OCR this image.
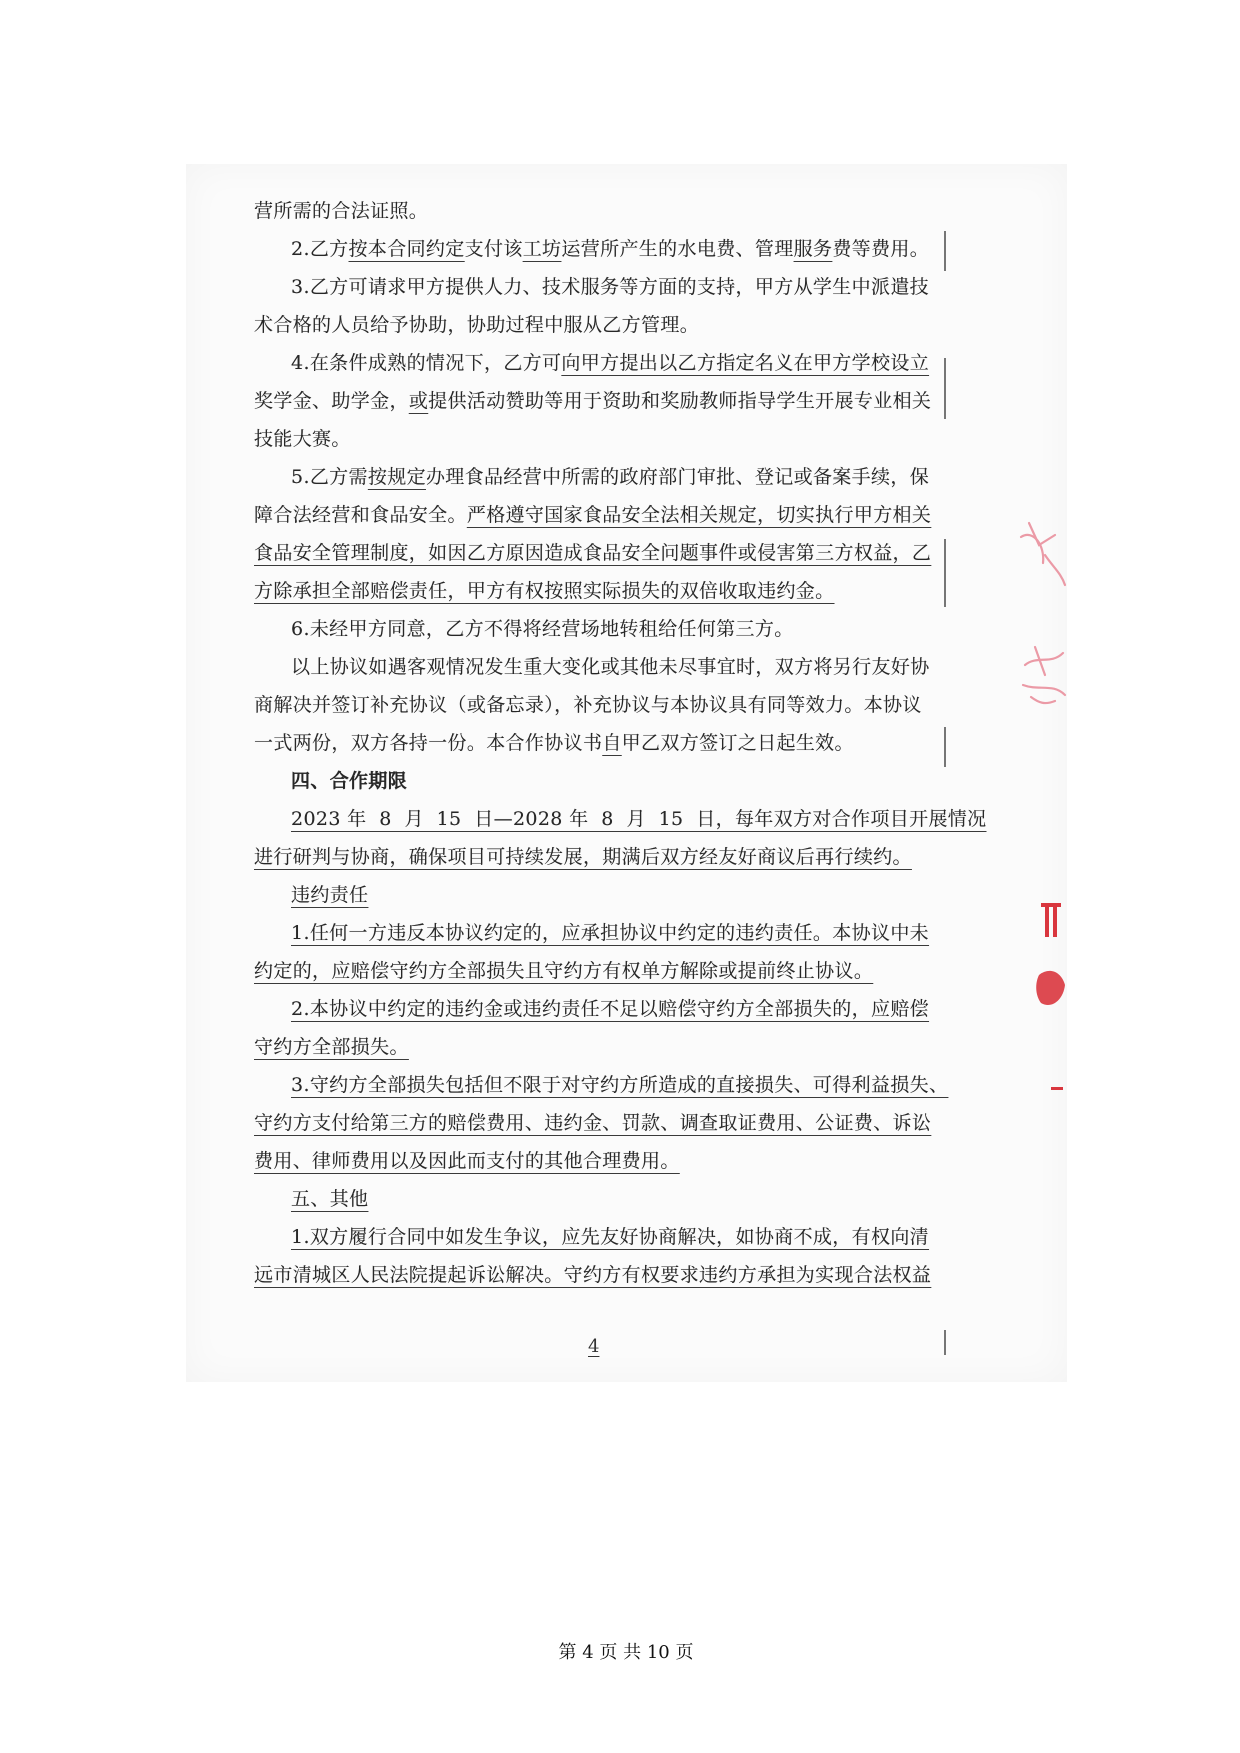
营所需的合法证照。
2.乙方按本合同约定支付该工坊运营所产生的水电费、管理服务费等费用。
3.乙方可请求甲方提供人力、技术服务等方面的支持，甲方从学生中派遣技
术合格的人员给予协助，协助过程中服从乙方管理。
4.在条件成熟的情况下，乙方可向甲方提出以乙方指定名义在甲方学校设立
奖学金、助学金，或提供活动赞助等用于资助和奖励教师指导学生开展专业相关
技能大赛。
5.乙方需按规定办理食品经营中所需的政府部门审批、登记或备案手续，保
障合法经营和食品安全。严格遵守国家食品安全法相关规定，切实执行甲方相关
食品安全管理制度，如因乙方原因造成食品安全问题事件或侵害第三方权益，乙
方除承担全部赔偿责任，甲方有权按照实际损失的双倍收取违约金。
6.未经甲方同意，乙方不得将经营场地转租给任何第三方。
以上协议如遇客观情况发生重大变化或其他未尽事宜时，双方将另行友好协
商解决并签订补充协议（或备忘录），补充协议与本协议具有同等效力。本协议
一式两份，双方各持一份。本合作协议书自甲乙双方签订之日起生效。
四、合作期限
2023 年  8  月  15  日—2028 年  8  月  15  日，每年双方对合作项目开展情况
进行研判与协商，确保项目可持续发展，期满后双方经友好商议后再行续约。
违约责任
1.任何一方违反本协议约定的，应承担协议中约定的违约责任。本协议中未
约定的，应赔偿守约方全部损失且守约方有权单方解除或提前终止协议。
2.本协议中约定的违约金或违约责任不足以赔偿守约方全部损失的，应赔偿
守约方全部损失。
3.守约方全部损失包括但不限于对守约方所造成的直接损失、可得利益损失、
守约方支付给第三方的赔偿费用、违约金、罚款、调查取证费用、公证费、诉讼
费用、律师费用以及因此而支付的其他合理费用。
五、其他
1.双方履行合同中如发生争议，应先友好协商解决，如协商不成，有权向清
远市清城区人民法院提起诉讼解决。守约方有权要求违约方承担为实现合法权益
4
第 4 页 共 10 页
